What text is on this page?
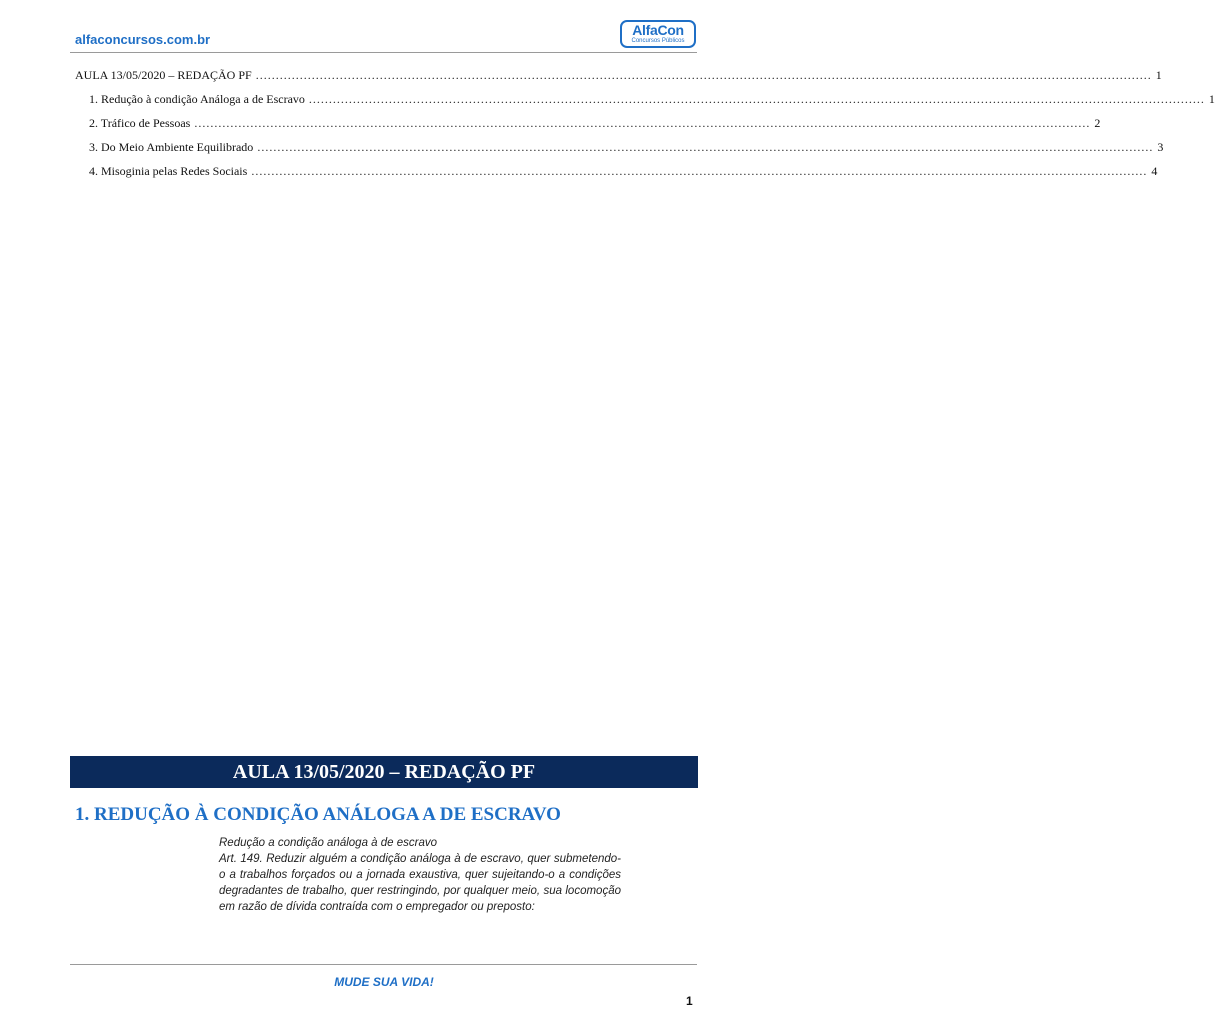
alfaconcursos.com.br
AlfaCon
Concursos Públicos
AULA 13/05/2020 – REDAÇÃO PF ................................................................................................................................................................................................................................ 1
1. Redução à condição Análoga a de Escravo ................................................................................................................................................................................................................................ 1
2. Tráfico de Pessoas ................................................................................................................................................................................................................................ 2
3. Do Meio Ambiente Equilibrado ................................................................................................................................................................................................................................ 3
4. Misoginia pelas Redes Sociais ................................................................................................................................................................................................................................ 4
AULA 13/05/2020 – REDAÇÃO PF
1. REDUÇÃO À CONDIÇÃO ANÁLOGA A DE ESCRAVO

Redução a condição análoga à de escravo

Art. 149. Reduzir alguém a condição análoga à de escravo, quer submetendo-o a trabalhos forçados ou a jornada exaustiva, quer sujeitando-o a condições degradantes de trabalho, quer restringindo, por qualquer meio, sua locomoção em razão de dívida contraída com o empregador ou preposto:

MUDE SUA VIDA!
1
